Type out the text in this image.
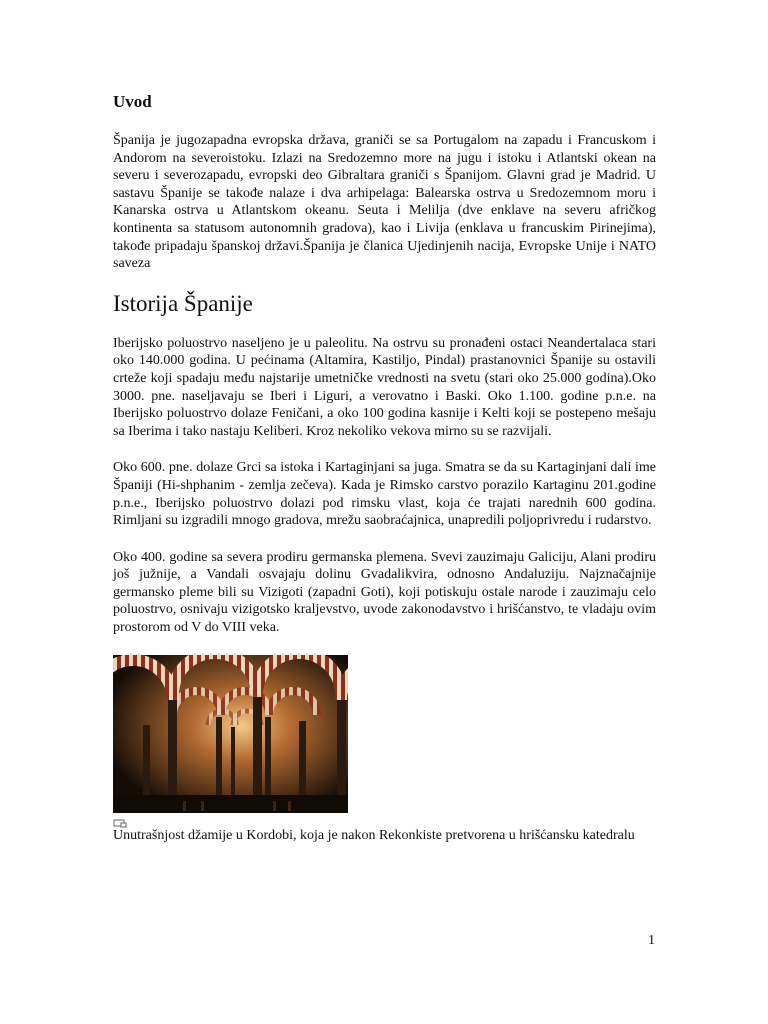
Uvod

Španija je jugozapadna evropska država, graniči se sa Portugalom na zapadu i Francuskom i Andorom na severoistoku. Izlazi na Sredozemno more na jugu i istoku i Atlantski okean na severu i severozapadu, evropski deo Gibraltara graniči s Španijom. Glavni grad je Madrid. U sastavu Španije se takođe nalaze i dva arhipelaga: Balearska ostrva u Sredozemnom moru i Kanarska ostrva u Atlantskom okeanu. Seuta i Melilja (dve enklave na severu afričkog kontinenta sa statusom autonomnih gradova), kao i Livija (enklava u francuskim Pirinejima), takođe pripadaju španskoj državi.Španija je članica Ujedinjenih nacija, Evropske Unije i NATO saveza

Istorija Španije

Iberijsko poluostrvo naseljeno je u paleolitu. Na ostrvu su pronađeni ostaci Neandertalaca stari oko 140.000 godina. U pećinama (Altamira, Kastiljo, Pindal) prastanovnici Španije su ostavili crteže koji spadaju među najstarije umetničke vrednosti na svetu (stari oko 25.000 godina).Oko 3000. pne. naseljavaju se Iberi i Liguri, a verovatno i Baski. Oko 1.100. godine p.n.e. na Iberijsko poluostrvo dolaze Feničani, a oko 100 godina kasnije i Kelti koji se postepeno mešaju sa Iberima i tako nastaju Keliberi. Kroz nekoliko vekova mirno su se razvijali.

Oko 600. pne. dolaze Grci sa istoka i Kartaginjani sa juga. Smatra se da su Kartaginjani dali ime Španiji (Hi-shphanim - zemlja zečeva). Kada je Rimsko carstvo porazilo Kartaginu 201.godine p.n.e., Iberijsko poluostrvo dolazi pod rimsku vlast, koja će trajati narednih 600 godina. Rimljani su izgradili mnogo gradova, mrežu saobraćajnica, unapredili poljoprivredu i rudarstvo.

Oko 400. godine sa severa prodiru germanska plemena. Svevi zauzimaju Galiciju, Alani prodiru još južnije, a Vandali osvajaju dolinu Gvadalikvira, odnosno Andaluziju. Najznačajnije germansko pleme bili su Vizigoti (zapadni Goti), koji potiskuju ostale narode i zauzimaju celo poluostrvo, osnivaju vizigotsko kraljevstvo, uvode zakonodavstvo i hrišćanstvo, te vladaju ovim prostorom od V do VIII veka.

Unutrašnjost džamije u Kordobi, koja je nakon Rekonkiste pretvorena u hrišćansku katedralu

1
